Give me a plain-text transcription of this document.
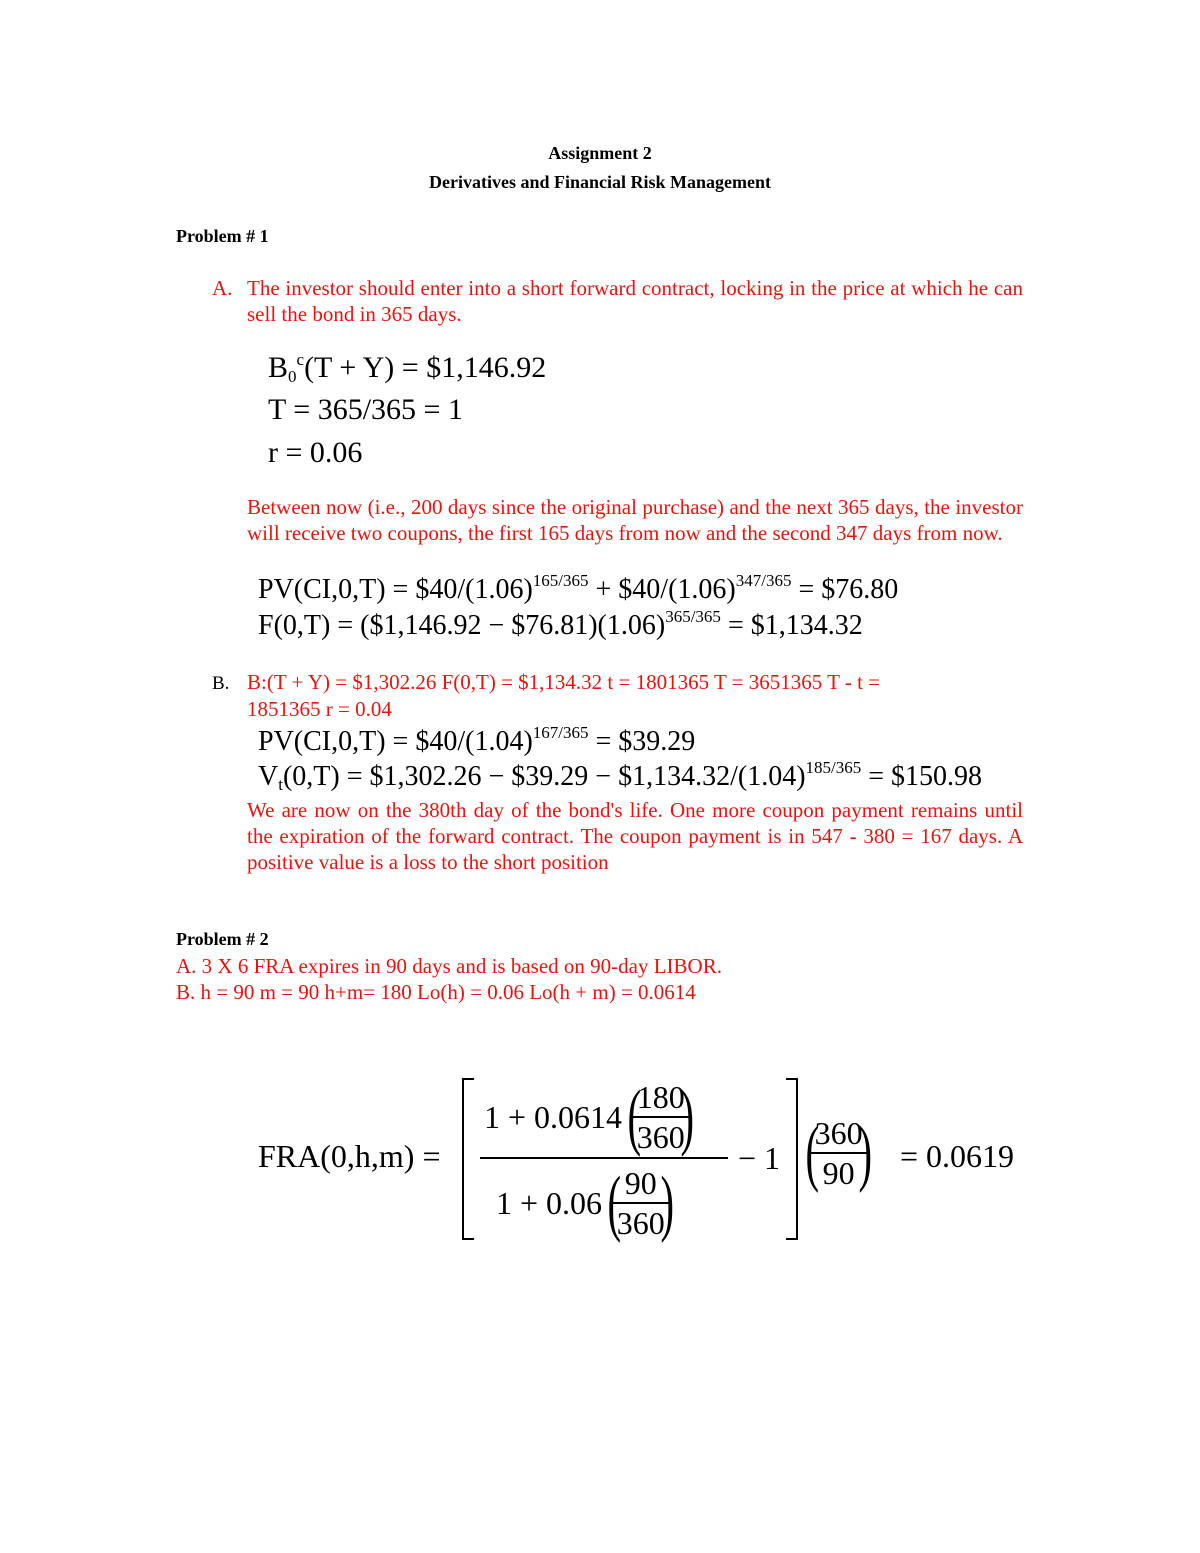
Assignment 2
Derivatives and Financial Risk Management
Problem # 1
A. The investor should enter into a short forward contract, locking in the price at which he can sell the bond in 365 days.
$B_0^c(T + Y)$ = $1,146.92
T = 365/365 = 1
r = 0.06
Between now (i.e., 200 days since the original purchase) and the next 365 days, the investor will receive two coupons, the first 165 days from now and the second 347 days from now.
$PV(CI,0,T) = \$40/(1.06)^{165/365}$ + $\$40/(1.06)^{347/365}$ = $76.80
F(0,T) = ($1,146.92 − $\$76.81)(1.06)^{365/365}$ = $1,134.32
B. B:(T + Y) = $1,302.26 F(0,T) = $1,134.32 t = 1801365 T = 3651365 T - t =
1851365 r = 0.04
$PV(CI,0,T) = \$40/(1.04)^{167/365}$ = $39.29
$V_t(0,T)$ = $1,302.26 − $39.29 − $\$1,134.32/(1.04)^{185/365}$ = $150.98
We are now on the 380th day of the bond's life. One more coupon payment remains until the expiration of the forward contract. The coupon payment is in 547 - 380 = 167 days. A positive value is a loss to the short position
Problem # 2
A. 3 X 6 FRA expires in 90 days and is based on 90-day LIBOR.
B. h = 90 m = 90 h+m= 180 Lo(h) = 0.06 Lo(h + m) = 0.0614
FRA(0,h,m) =
1 + 0.0614(
$\frac{180}{360}$
)
1 + 0.06(
$\frac{90}{360}$
)
− 1 (
$\frac{360}{90}$
) = 0.0619
